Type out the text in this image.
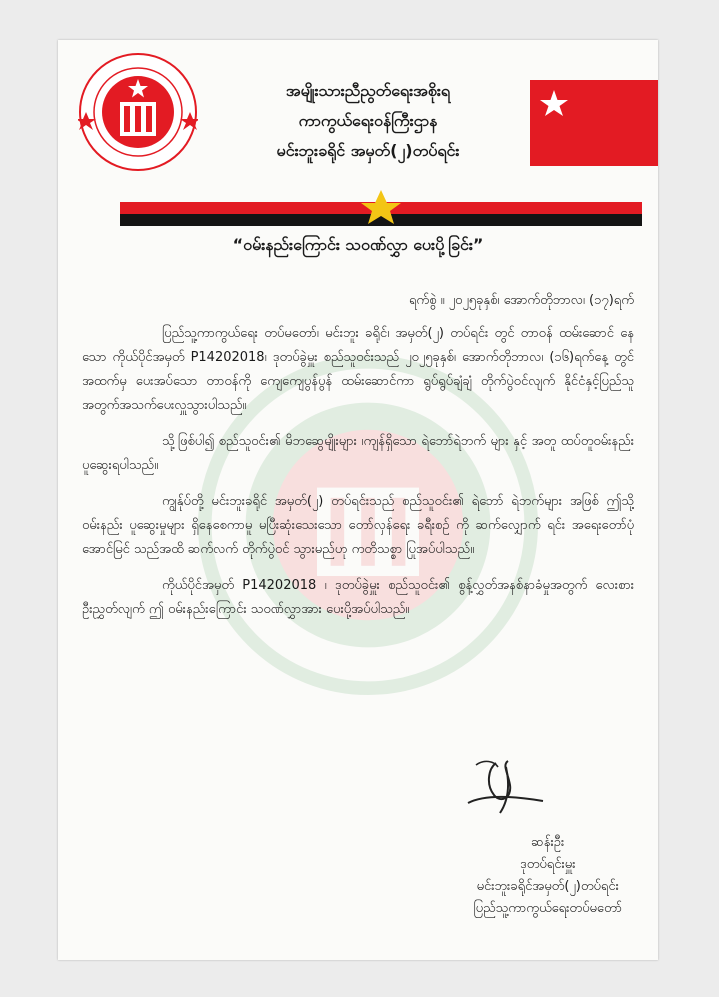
အမျိုးသားညီညွတ်ရေးအစိုးရ
ကာကွယ်ရေးဝန်ကြီးဌာန
မင်းဘူးခရိုင် အမှတ်(၂)တပ်ရင်း
“ဝမ်းနည်းကြောင်း သဝဏ်လွှာ ပေးပို့ခြင်း”
ရက်စွဲ ။ ၂၀၂၅ခုနှစ်၊ အောက်တိုဘာလ၊ (၁၇)ရက်

ပြည်သူ့ကာကွယ်ရေး တပ်မတော်၊ မင်းဘူး ခရိုင်၊ အမှတ်(၂) တပ်ရင်း တွင် တာဝန် ထမ်းဆောင် နေသော ကိုယ်ပိုင်အမှတ် P14202018၊ ဒုတပ်ခွဲမှူး စည်သူဝင်းသည် ၂၀၂၅ခုနှစ်၊ အောက်တိုဘာလ၊ (၁၆)ရက်နေ့ တွင် အထက်မှ ပေးအပ်သော တာဝန်ကို ကျေကျေပွန်ပွန် ထမ်းဆောင်ကာ ရွပ်ရွပ်ချံချံ တိုက်ပွဲဝင်လျက် နိုင်ငံနှင့်ပြည်သူအတွက်အသက်ပေးလှူသွားပါသည်။

သို့ဖြစ်ပါ၍ စည်သူဝင်း၏ မိဘဆွေမျိုးများ ၊ကျန်ရှိသော ရဲဘော်ရဲဘက် များ နှင့် အတူ ထပ်တူဝမ်းနည်း ပူဆွေးရပါသည်။

ကျွန်ုပ်တို့ မင်းဘူးခရိုင် အမှတ်(၂) တပ်ရင်းသည် စည်သူဝင်း၏ ရဲဘော် ရဲဘက်များ အဖြစ် ဤသို့ဝမ်းနည်း ပူဆွေးမှုများ ရှိနေစေကာမူ မပြီးဆုံးသေးသော တော်လှန်ရေး ခရီးစဉ် ကို ဆက်လျှောက် ရင်း အရေးတော်ပုံ အောင်မြင် သည်အထိ ဆက်လက် တိုက်ပွဲဝင် သွားမည်ဟု ကတိသစ္စာ ပြုအပ်ပါသည်။

ကိုယ်ပိုင်အမှတ် P14202018 ၊ ဒုတပ်ခွဲမှူး စည်သူဝင်း၏ စွန့်လွှတ်အနစ်နာခံမှုအတွက် လေးစား ဦးညွှတ်လျက် ဤ ဝမ်းနည်းကြောင်း သဝဏ်လွှာအား ပေးပို့အပ်ပါသည်။

ဆန်းဦး
ဒုတပ်ရင်းမှူး
မင်းဘူးခရိုင်အမှတ်(၂)တပ်ရင်း
ပြည်သူ့ကာကွယ်ရေးတပ်မတော်
